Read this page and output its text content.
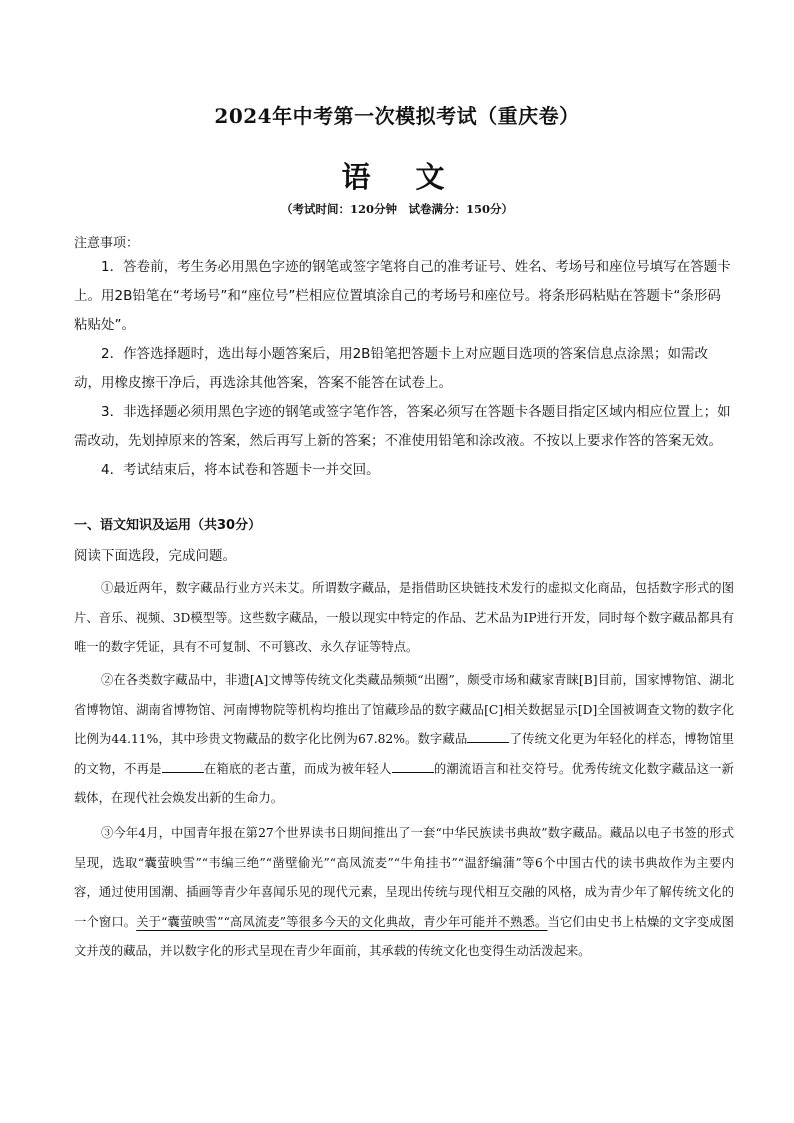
2024年中考第一次模拟考试（重庆卷）
语　文
（考试时间：120分钟　试卷满分：150分）
注意事项：

1．答卷前，考生务必用黑色字迹的钢笔或签字笔将自己的准考证号、姓名、考场号和座位号填写在答题卡上。用2B铅笔在“考场号”和“座位号”栏相应位置填涂自己的考场号和座位号。将条形码粘贴在答题卡“条形码粘贴处”。

2．作答选择题时，选出每小题答案后，用2B铅笔把答题卡上对应题目选项的答案信息点涂黑；如需改动，用橡皮擦干净后，再选涂其他答案，答案不能答在试卷上。

3．非选择题必须用黑色字迹的钢笔或签字笔作答，答案必须写在答题卡各题目指定区域内相应位置上；如需改动，先划掉原来的答案，然后再写上新的答案；不准使用铅笔和涂改液。不按以上要求作答的答案无效。

4．考试结束后，将本试卷和答题卡一并交回。

一、语文知识及运用（共30分）
阅读下面选段，完成问题。

①最近两年，数字藏品行业方兴未艾。所谓数字藏品，是指借助区块链技术发行的虚拟文化商品，包括数字形式的图片、音乐、视频、3D模型等。这些数字藏品，一般以现实中特定的作品、艺术品为IP进行开发，同时每个数字藏品都具有唯一的数字凭证，具有不可复制、不可篡改、永久存证等特点。

②在各类数字藏品中，非遗[A]文博等传统文化类藏品频频“出圈”，颇受市场和藏家青睐[B]目前，国家博物馆、湖北省博物馆、湖南省博物馆、河南博物院等机构均推出了馆藏珍品的数字藏品[C]相关数据显示[D]全国被调查文物的数字化比例为44.11%，其中珍贵文物藏品的数字化比例为67.82%。数字藏品	了传统文化更为年轻化的样态，博物馆里的文物，不再是	在箱底的老古董，而成为被年轻人	的潮流语言和社交符号。优秀传统文化数字藏品这一新载体，在现代社会焕发出新的生命力。

③今年4月，中国青年报在第27个世界读书日期间推出了一套“中华民族读书典故”数字藏品。藏品以电子书签的形式呈现，选取“囊萤映雪”“韦编三绝”“凿壁偷光”“高凤流麦”“牛角挂书”“温舒编蒲”等6个中国古代的读书典故作为主要内容，通过使用国潮、插画等青少年喜闻乐见的现代元素，呈现出传统与现代相互交融的风格，成为青少年了解传统文化的一个窗口。关于“囊萤映雪”“高凤流麦”等很多今天的文化典故，青少年可能并不熟悉。当它们由史书上枯燥的文字变成图文并茂的藏品，并以数字化的形式呈现在青少年面前，其承载的传统文化也变得生动活泼起来。
